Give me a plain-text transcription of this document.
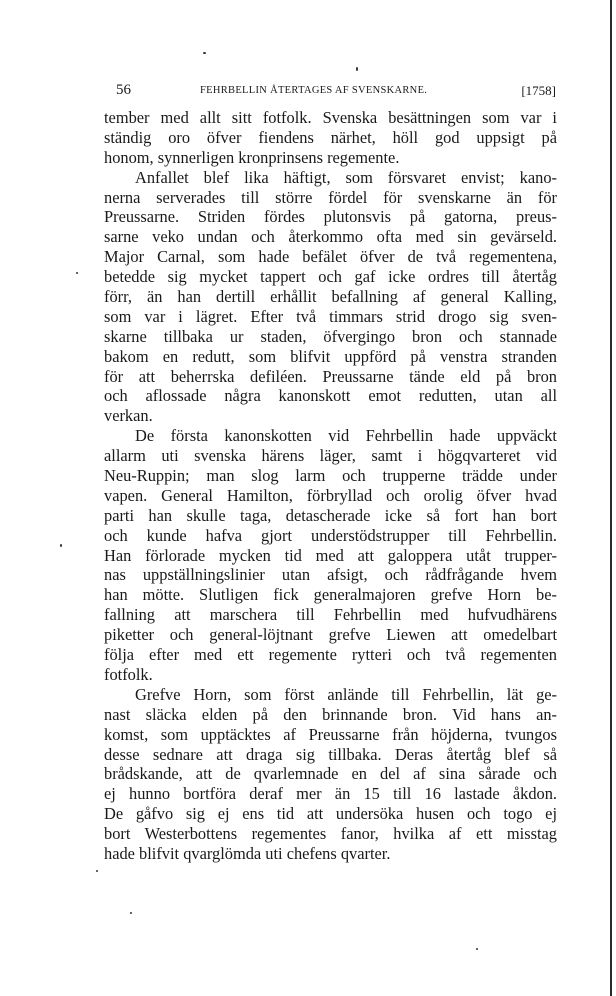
56	FEHRBELLIN ÅTERTAGES AF SVENSKARNE.	[1758]
tember med allt sitt fotfolk. Svenska besättningen som var i
ständig oro öfver fiendens närhet, höll god uppsigt på
honom, synnerligen kronprinsens regemente.
Anfallet blef lika häftigt, som försvaret envist; kano-
nerna serverades till större fördel för svenskarne än för
Preussarne. Striden fördes plutonsvis på gatorna, preus-
sarne veko undan och återkommo ofta med sin gevärseld.
Major Carnal, som hade befälet öfver de två regementena,
betedde sig mycket tappert och gaf icke ordres till återtåg
förr, än han dertill erhållit befallning af general Kalling,
som var i lägret. Efter två timmars strid drogo sig sven-
skarne tillbaka ur staden, öfvergingo bron och stannade
bakom en redutt, som blifvit uppförd på venstra stranden
för att beherrska defiléen. Preussarne tände eld på bron
och aflossade några kanonskott emot redutten, utan all
verkan.
De första kanonskotten vid Fehrbellin hade uppväckt
allarm uti svenska härens läger, samt i högqvarteret vid
Neu-Ruppin; man slog larm och trupperne trädde under
vapen. General Hamilton, förbryllad och orolig öfver hvad
parti han skulle taga, detascherade icke så fort han bort
och kunde hafva gjort understödstrupper till Fehrbellin.
Han förlorade mycken tid med att galoppera utåt trupper-
nas uppställningslinier utan afsigt, och rådfrågande hvem
han mötte. Slutligen fick generalmajoren grefve Horn be-
fallning att marschera till Fehrbellin med hufvudhärens
piketter och general-löjtnant grefve Liewen att omedelbart
följa efter med ett regemente rytteri och två regementen
fotfolk.
Grefve Horn, som först anlände till Fehrbellin, lät ge-
nast släcka elden på den brinnande bron. Vid hans an-
komst, som upptäcktes af Preussarne från höjderna, tvungos
desse sednare att draga sig tillbaka. Deras återtåg blef så
brådskande, att de qvarlemnade en del af sina sårade och
ej hunno bortföra deraf mer än 15 till 16 lastade åkdon.
De gåfvo sig ej ens tid att undersöka husen och togo ej
bort Westerbottens regementes fanor, hvilka af ett misstag
hade blifvit qvarglömda uti chefens qvarter.
